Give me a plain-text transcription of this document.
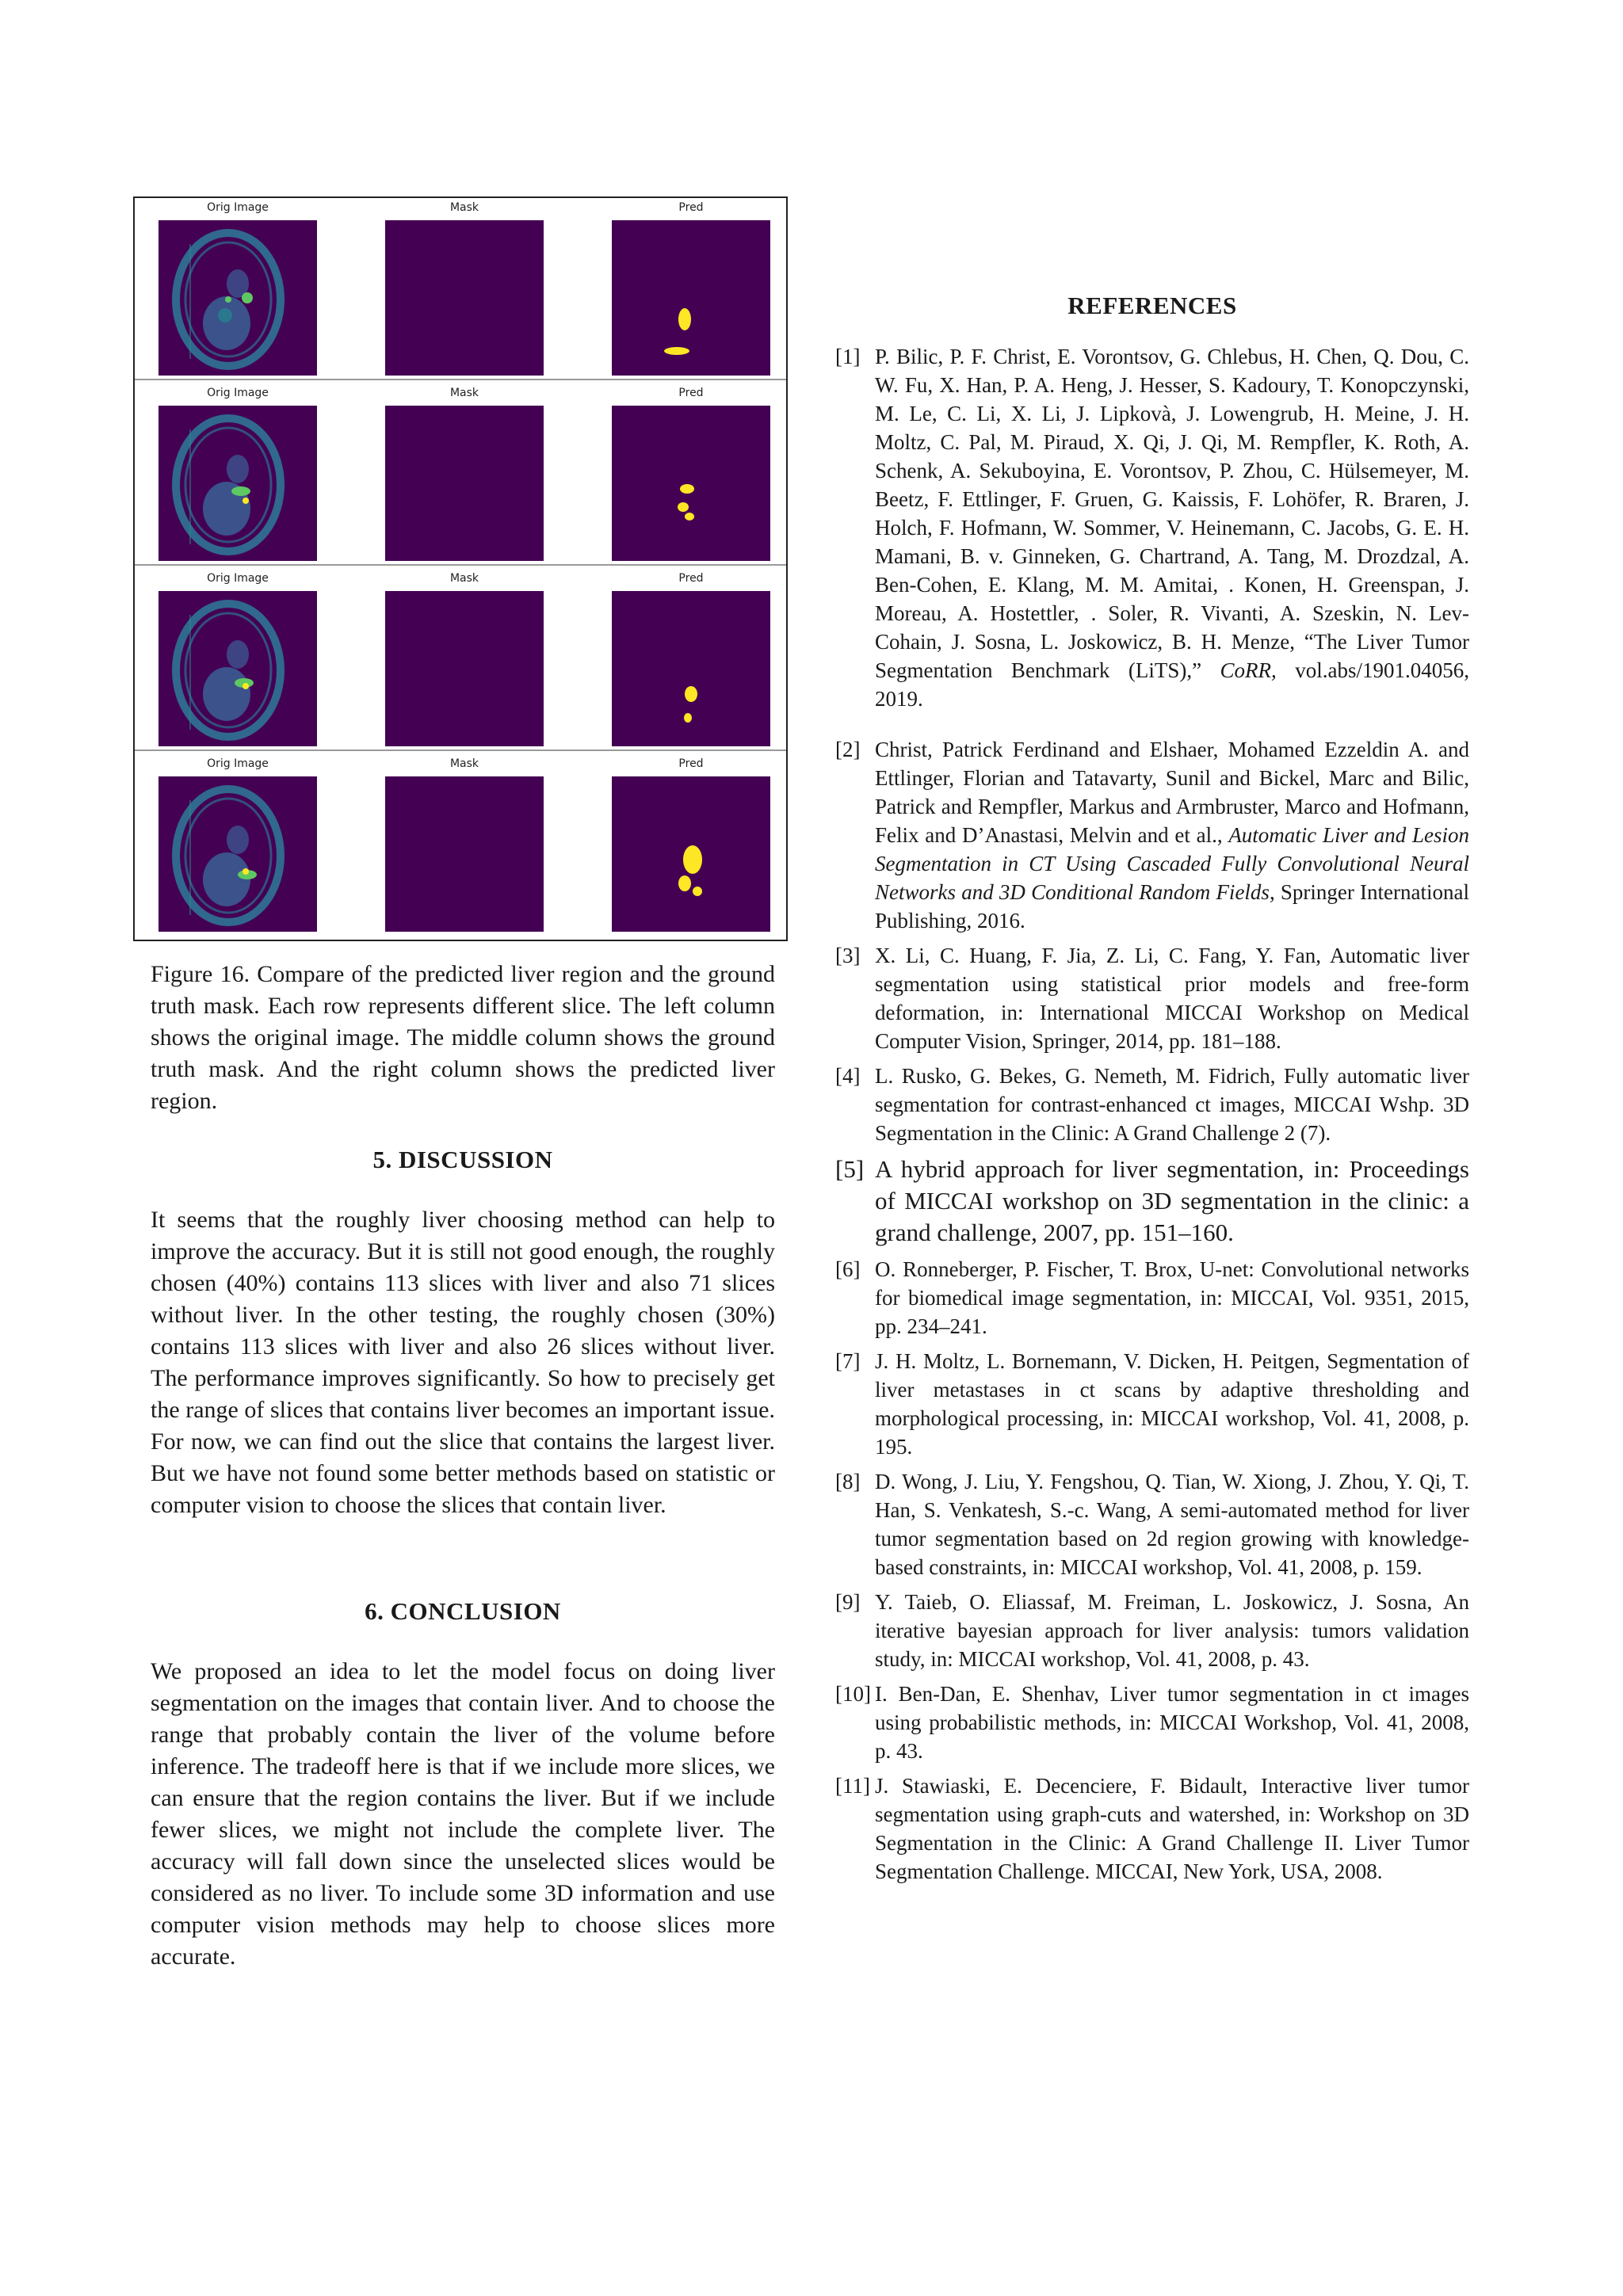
Orig Image	Mask	Pred
Orig Image	Mask	Pred
Orig Image	Mask	Pred
Orig Image	Mask	Pred

Figure 16. Compare of the predicted liver region and the ground truth mask. Each row represents different slice. The left column shows the original image. The middle column shows the ground truth mask. And the right column shows the predicted liver region.

5. DISCUSSION

It seems that the roughly liver choosing method can help to improve the accuracy. But it is still not good enough, the roughly chosen (40%) contains 113 slices with liver and also 71 slices without liver. In the other testing, the roughly chosen (30%) contains 113 slices with liver and also 26 slices without liver. The performance improves significantly. So how to precisely get the range of slices that contains liver becomes an important issue. For now, we can find out the slice that contains the largest liver. But we have not found some better methods based on statistic or computer vision to choose the slices that contain liver.

6. CONCLUSION

We proposed an idea to let the model focus on doing liver segmentation on the images that contain liver. And to choose the range that probably contain the liver of the volume before inference. The tradeoff here is that if we include more slices, we can ensure that the region contains the liver. But if we include fewer slices, we might not include the complete liver. The accuracy will fall down since the unselected slices would be considered as no liver. To include some 3D information and use computer vision methods may help to choose slices more accurate.

REFERENCES
[1] P. Bilic, P. F. Christ, E. Vorontsov, G. Chlebus, H. Chen, Q. Dou, C. W. Fu, X. Han, P. A. Heng, J. Hesser, S. Kadoury, T. Konopczynski, M. Le, C. Li, X. Li, J. Lipkovà, J. Lowengrub, H. Meine, J. H. Moltz, C. Pal, M. Piraud, X. Qi, J. Qi, M. Rempfler, K. Roth, A. Schenk, A. Sekuboyina, E. Vorontsov, P. Zhou, C. Hülsemeyer, M. Beetz, F. Ettlinger, F. Gruen, G. Kaissis, F. Lohöfer, R. Braren, J. Holch, F. Hofmann, W. Sommer, V. Heinemann, C. Jacobs, G. E. H. Mamani, B. v. Ginneken, G. Chartrand, A. Tang, M. Drozdzal, A. Ben-Cohen, E. Klang, M. M. Amitai, . Konen, H. Greenspan, J. Moreau, A. Hostettler, . Soler, R. Vivanti, A. Szeskin, N. Lev-Cohain, J. Sosna, L. Joskowicz, B. H. Menze, “The Liver Tumor Segmentation Benchmark (LiTS),” CoRR, vol.abs/1901.04056, 2019.
[2] Christ, Patrick Ferdinand and Elshaer, Mohamed Ezzeldin A. and Ettlinger, Florian and Tatavarty, Sunil and Bickel, Marc and Bilic, Patrick and Rempfler, Markus and Armbruster, Marco and Hofmann, Felix and D’Anastasi, Melvin and et al., Automatic Liver and Lesion Segmentation in CT Using Cascaded Fully Convolutional Neural Networks and 3D Conditional Random Fields, Springer International Publishing, 2016.
[3] X. Li, C. Huang, F. Jia, Z. Li, C. Fang, Y. Fan, Automatic liver segmentation using statistical prior models and free-form deformation, in: International MICCAI Workshop on Medical Computer Vision, Springer, 2014, pp. 181–188.
[4] L. Rusko, G. Bekes, G. Nemeth, M. Fidrich, Fully automatic liver segmentation for contrast-enhanced ct images, MICCAI Wshp. 3D Segmentation in the Clinic: A Grand Challenge 2 (7).
[5] A hybrid approach for liver segmentation, in: Proceedings of MICCAI workshop on 3D segmentation in the clinic: a grand challenge, 2007, pp. 151–160.
[6] O. Ronneberger, P. Fischer, T. Brox, U-net: Convolutional networks for biomedical image segmentation, in: MICCAI, Vol. 9351, 2015, pp. 234–241.
[7] J. H. Moltz, L. Bornemann, V. Dicken, H. Peitgen, Segmentation of liver metastases in ct scans by adaptive thresholding and morphological processing, in: MICCAI workshop, Vol. 41, 2008, p. 195.
[8] D. Wong, J. Liu, Y. Fengshou, Q. Tian, W. Xiong, J. Zhou, Y. Qi, T. Han, S. Venkatesh, S.-c. Wang, A semi-automated method for liver tumor segmentation based on 2d region growing with knowledge- based constraints, in: MICCAI workshop, Vol. 41, 2008, p. 159.
[9] Y. Taieb, O. Eliassaf, M. Freiman, L. Joskowicz, J. Sosna, An iterative bayesian approach for liver analysis: tumors validation study, in: MICCAI workshop, Vol. 41, 2008, p. 43.
[10] I. Ben-Dan, E. Shenhav, Liver tumor segmentation in ct images using probabilistic methods, in: MICCAI Workshop, Vol. 41, 2008, p. 43.
[11] J. Stawiaski, E. Decenciere, F. Bidault, Interactive liver tumor segmentation using graph-cuts and watershed, in: Workshop on 3D Segmentation in the Clinic: A Grand Challenge II. Liver Tumor Segmentation Challenge. MICCAI, New York, USA, 2008.
